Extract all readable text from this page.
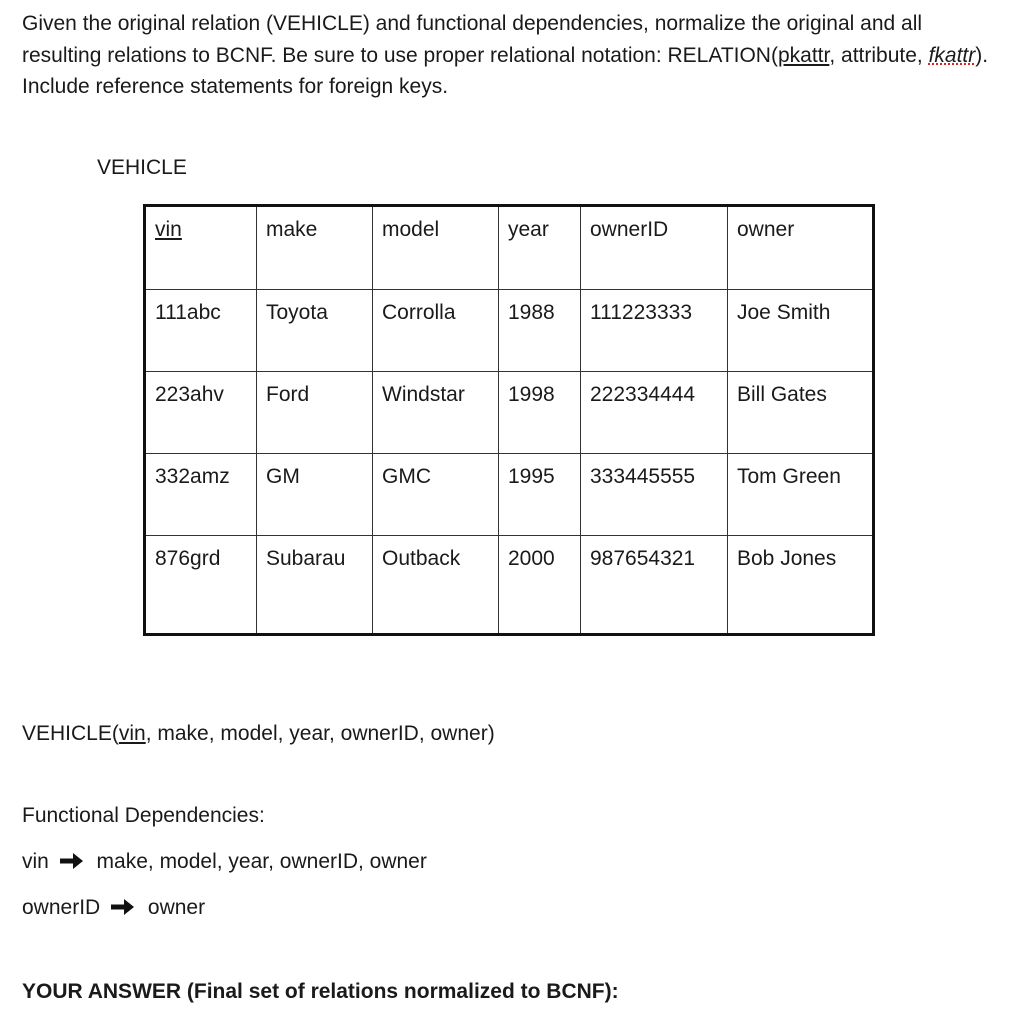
Given the original relation (VEHICLE) and functional dependencies, normalize the original and all resulting relations to BCNF. Be sure to use proper relational notation: RELATION(pkattr, attribute, fkattr). Include reference statements for foreign keys.

VEHICLE
vin	make	model	year	ownerID	owner
111abc	Toyota	Corrolla	1988	111223333	Joe Smith
223ahv	Ford	Windstar	1998	222334444	Bill Gates
332amz	GM	GMC	1995	333445555	Tom Green
876grd	Subarau	Outback	2000	987654321	Bob Jones
VEHICLE(vin, make, model, year, ownerID, owner)
Functional Dependencies:
vin make, model, year, ownerID, owner
ownerID owner
YOUR ANSWER (Final set of relations normalized to BCNF):
